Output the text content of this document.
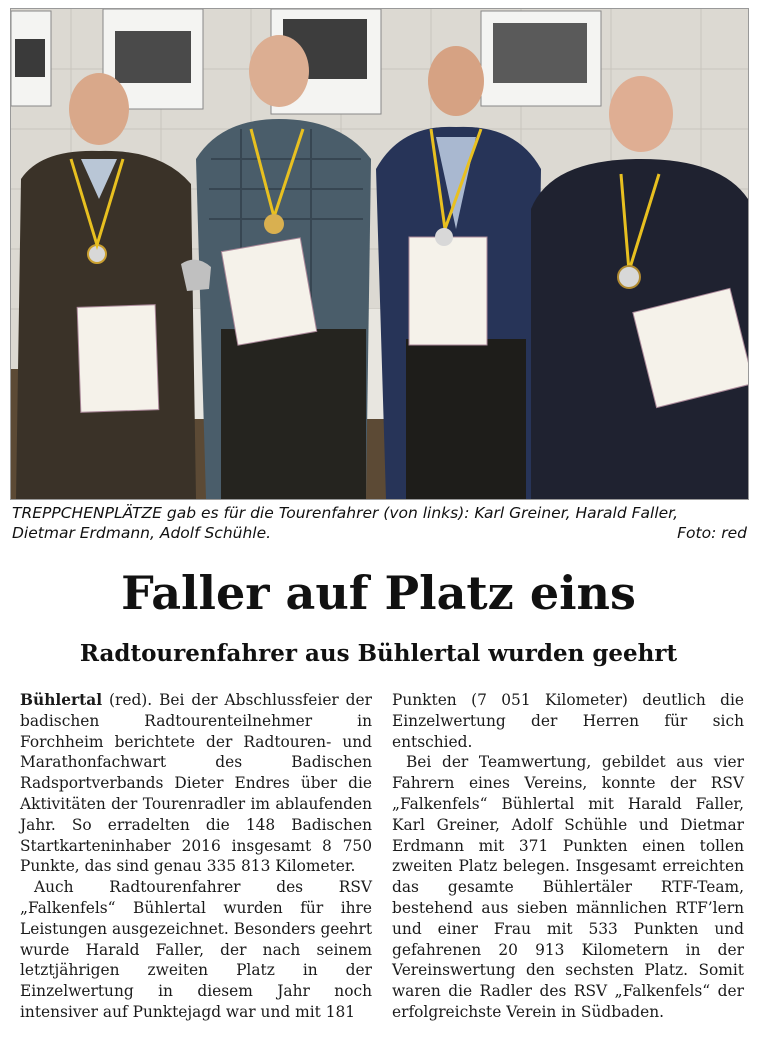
TREPPCHENPLÄTZE gab es für die Tourenfahrer (von links): Karl Greiner, Harald Faller,
Dietmar Erdmann, Adolf Schühle.	Foto: red
Faller auf Platz eins
Radtourenfahrer aus Bühlertal wurden geehrt

Bühlertal (red). Bei der Abschlussfeier der badischen Radtourenteilnehmer in Forchheim berichtete der Radtouren- und Marathonfachwart des Badischen Radsportverbands Dieter Endres über die Aktivitäten der Tourenradler im ablaufenden Jahr. So erradelten die 148 Badischen Startkarteninhaber 2016 insgesamt 8 750 Punkte, das sind genau 335 813 Kilometer.

Auch Radtourenfahrer des RSV „Falkenfels“ Bühlertal wurden für ihre Leistungen ausgezeichnet. Besonders geehrt wurde Harald Faller, der nach seinem letztjährigen zweiten Platz in der Einzelwertung in diesem Jahr noch intensiver auf Punktejagd war und mit 181

Punkten (7 051 Kilometer) deutlich die Einzelwertung der Herren für sich entschied.

Bei der Teamwertung, gebildet aus vier Fahrern eines Vereins, konnte der RSV „Falkenfels“ Bühlertal mit Harald Faller, Karl Greiner, Adolf Schühle und Dietmar Erdmann mit 371 Punkten einen tollen zweiten Platz belegen. Insgesamt erreichten das gesamte Bühlertäler RTF-Team, bestehend aus sieben männlichen RTF’lern und einer Frau mit 533 Punkten und gefahrenen 20 913 Kilometern in der Vereinswertung den sechsten Platz. Somit waren die Radler des RSV „Falkenfels“ der erfolgreichste Verein in Südbaden.
